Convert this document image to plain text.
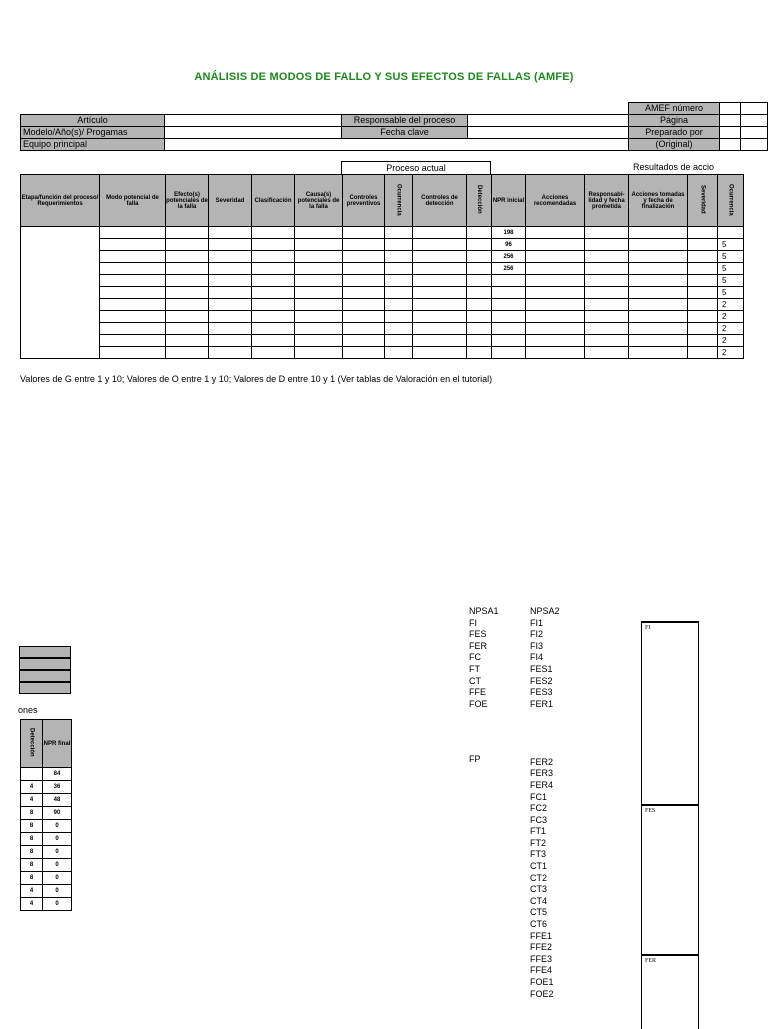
ANÁLISIS DE MODOS DE FALLO Y SUS EFECTOS DE FALLAS (AMFE)
AMEF número
Artículo	Responsable del proceso	Página
Modelo/Año(s)/ Progamas	Fecha clave	Preparado por
Equipo principal	(Original)
Proceso actual	Resultados de accio
Etapa/función del proceso/ Requerimientos	Modo potencial de falla	Efecto(s) potenciales de la falla	Severidad	Clasificación	Causa(s) potenciales de la falla	Controles preventivos	Ocurrencia	Controles de detección	Detección	NPR inicial	Acciones recomendadas	Responsabi-lidad y fecha prometida	Acciones tomadas y fecha de finalización	Severidad	Ocurrencia
										198					
										96					5
										256					5
										256					5
															5
															5
															2
															2
															2
															2
															2
Valores de G entre 1 y 10; Valores de O entre 1 y 10; Valores de D entre 10 y 1 (Ver tablas de Valoración en el tutorial)
ones
Detección	NPR final
	84
4	36
4	48
8	90
8	0
8	0
8	0
8	0
8	0
4	0
4	0
NPSA1
FI
FES
FER
FC
FT
CT
FFE
FOE
NPSA2
FI1
FI2
FI3
FI4
FES1
FES2
FES3
FER1
FER2
FER3
FER4
FC1
FC2
FC3
FT1
FT2
FT3
CT1
CT2
CT3
CT4
CT5
CT6
FFE1
FFE2
FFE3
FFE4
FOE1
FOE2
FP
FI
FES
FER
